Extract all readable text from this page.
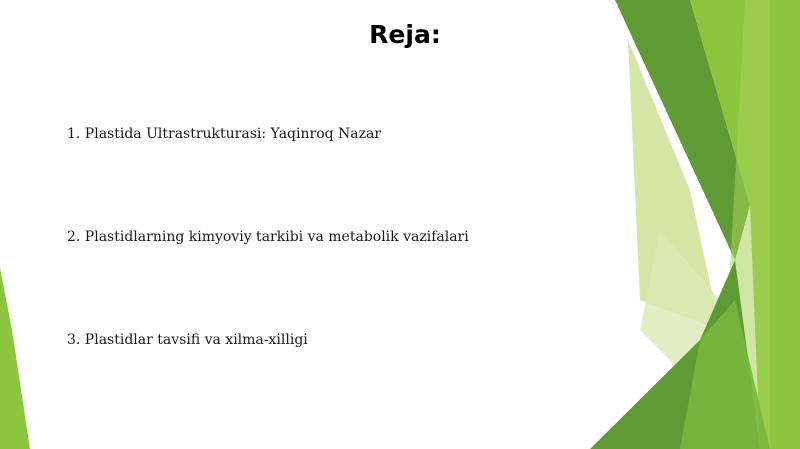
Reja:
1. Plastida Ultrastrukturasi: Yaqinroq Nazar
2. Plastidlarning kimyoviy tarkibi va metabolik vazifalari
3. Plastidlar tavsifi va xilma-xilligi
